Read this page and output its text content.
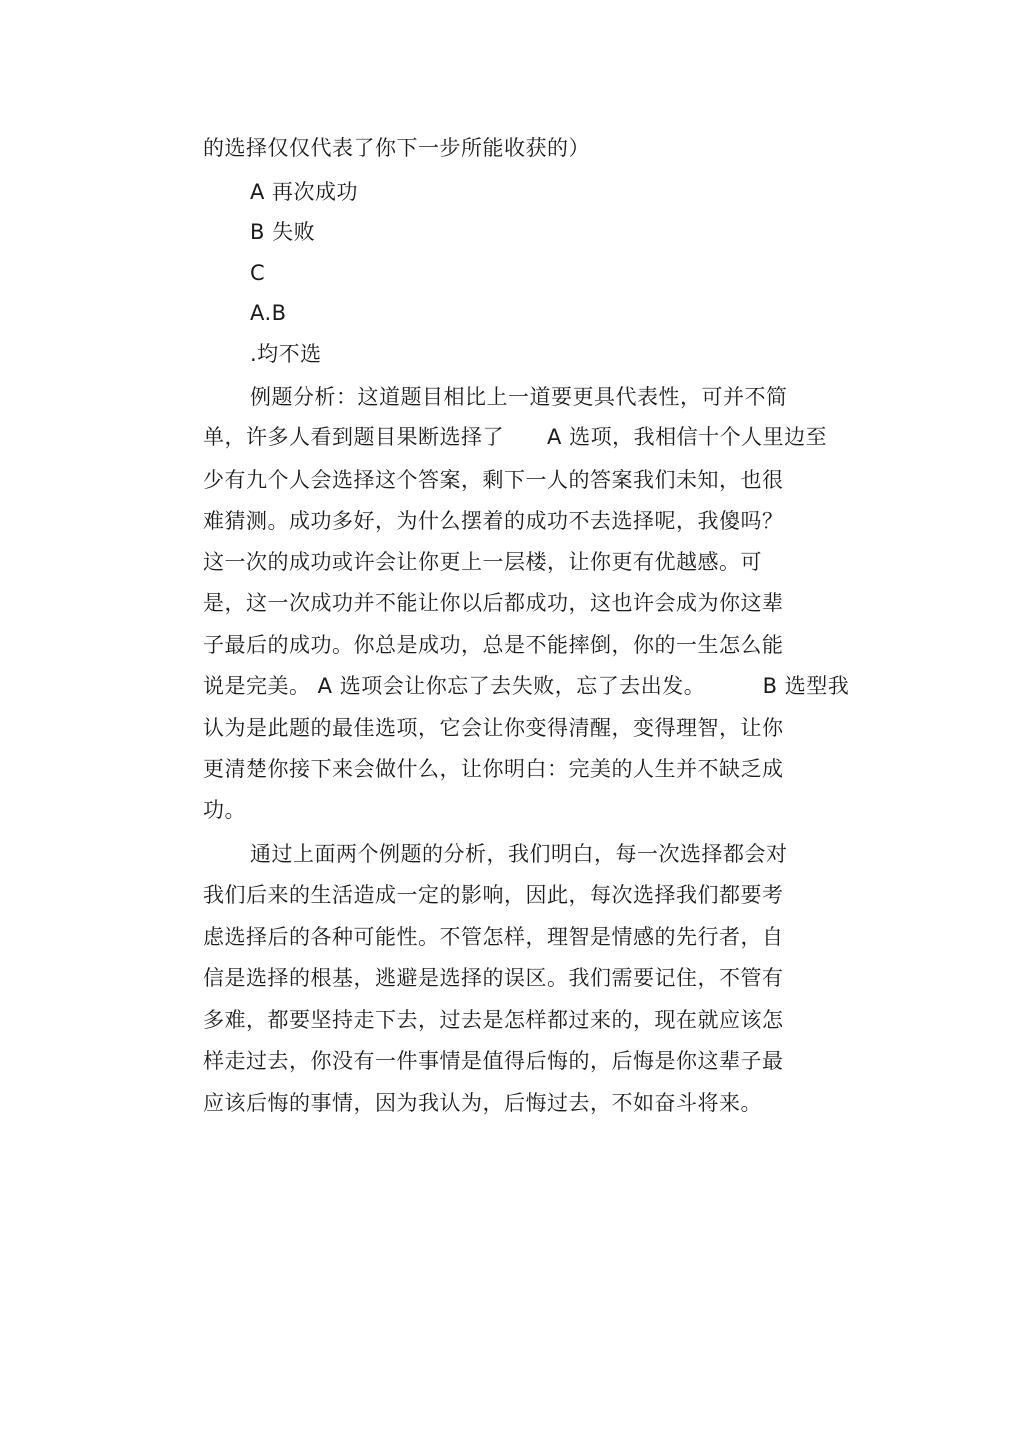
的选择仅仅代表了你下一步所能收获的）
A 再次成功
B 失败
C
A.B
.均不选
例题分析：这道题目相比上一道要更具代表性，可并不简
单，许多人看到题目果断选择了      A 选项，我相信十个人里边至
少有九个人会选择这个答案，剩下一人的答案我们未知，也很
难猜测。成功多好，为什么摆着的成功不去选择呢，我傻吗？
这一次的成功或许会让你更上一层楼，让你更有优越感。可
是，这一次成功并不能让你以后都成功，这也许会成为你这辈
子最后的成功。你总是成功，总是不能摔倒，你的一生怎么能
说是完美。 A 选项会让你忘了去失败，忘了去出发。        B 选型我
认为是此题的最佳选项，它会让你变得清醒，变得理智，让你
更清楚你接下来会做什么，让你明白：完美的人生并不缺乏成
功。
通过上面两个例题的分析，我们明白，每一次选择都会对
我们后来的生活造成一定的影响，因此，每次选择我们都要考
虑选择后的各种可能性。不管怎样，理智是情感的先行者，自
信是选择的根基，逃避是选择的误区。我们需要记住，不管有
多难，都要坚持走下去，过去是怎样都过来的，现在就应该怎
样走过去，你没有一件事情是值得后悔的，后悔是你这辈子最
应该后悔的事情，因为我认为，后悔过去，不如奋斗将来。
